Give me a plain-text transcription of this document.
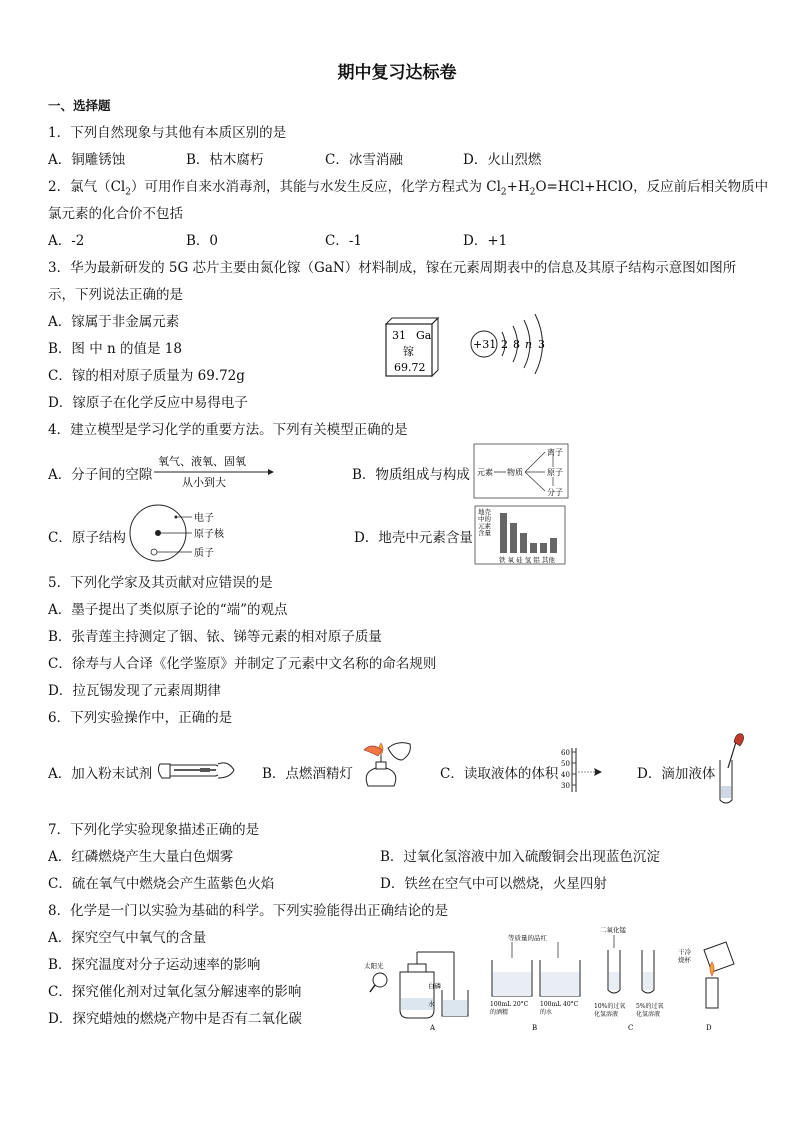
期中复习达标卷
一、选择题
1．下列自然现象与其他有本质区别的是
A．铜雕锈蚀	B．枯木腐朽	C．冰雪消融	D．火山烈燃
2．氯气$(Cl_2)$可用作自来水消毒剂，其能与水发生反应，化学方程式为 $Cl_2+H_2O=HCl+HClO$，反应前后相关物质中
氯元素的化合价不包括
A．-2	B．0	C．-1	D．+1
3．华为最新研发的 5G 芯片主要由氮化镓（GaN）材料制成，镓在元素周期表中的信息及其原子结构示意图如图所
示，下列说法正确的是
A．镓属于非金属元素
B．图 中 n 的值是 18
C．镓的相对原子质量为 69.72g
D．镓原子在化学反应中易得电子
31 Ga
镓
69.72
+31 2 8 n 3
4．建立模型是学习化学的重要方法。下列有关模型正确的是
A．分子间的空隙
氧气、液氧、固氧
从小到大	B．物质组成与构成 元素 物质
离子
原子
分子
C．原子结构
电子
原子核
质子
D．地壳中元素含量
地壳中的元素含量
铁 氧 硅 氢 铝 其他
5．下列化学家及其贡献对应错误的是
A．墨子提出了类似原子论的“端”的观点
B．张青莲主持测定了铟、铱、锑等元素的相对原子质量
C．徐寿与人合译《化学鉴原》并制定了元素中文名称的命名规则
D．拉瓦锡发现了元素周期律
6．下列实验操作中，正确的是
A．加入粉末试剂	B．点燃酒精灯	C．读取液体的体积
60
50
40
30
D．滴加液体
7．下列化学实验现象描述正确的是
A．红磷燃烧产生大量白色烟雾	B．过氧化氢溶液中加入硫酸铜会出现蓝色沉淀
C．硫在氧气中燃烧会产生蓝紫色火焰	D．铁丝在空气中可以燃烧，火星四射
8．化学是一门以实验为基础的科学。下列实验能得出正确结论的是
A．探究空气中氧气的含量
B．探究温度对分子运动速率的影响
C．探究催化剂对过氧化氢分解速率的影响
D．探究蜡烛的燃烧产物中是否有二氧化碳
太阳光
白磷
水
A
等质量的品红
100mL 20°C
的酒精
100mL 40°C
的水
B
二氧化锰
10%的过氧
化氢溶液
5%的过氧
化氢溶液
C
干冷
烧杯
D
